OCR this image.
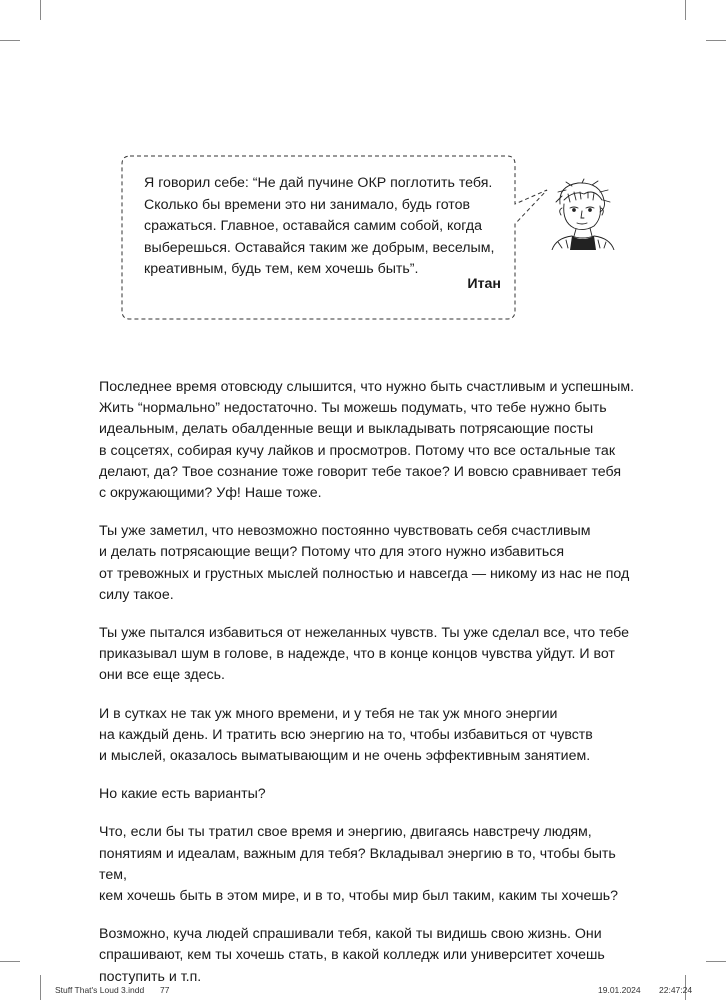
Я говорил себе: “Не дай пучине ОКР поглотить тебя.
Сколько бы времени это ни занимало, будь готов
сражаться. Главное, оставайся самим собой, когда
выберешься. Оставайся таким же добрым, веселым,
креативным, будь тем, кем хочешь быть”.
Итан

Последнее время отовсюду слышится, что нужно быть счастливым и успешным.
Жить “нормально” недостаточно. Ты можешь подумать, что тебе нужно быть
идеальным, делать обалденные вещи и выкладывать потрясающие посты
в соцсетях, собирая кучу лайков и просмотров. Потому что все остальные так
делают, да? Твое сознание тоже говорит тебе такое? И вовсю сравнивает тебя
с окружающими? Уф! Наше тоже.

Ты уже заметил, что невозможно постоянно чувствовать себя счастливым
и делать потрясающие вещи? Потому что для этого нужно избавиться
от тревожных и грустных мыслей полностью и навсегда — никому из нас не под
силу такое.

Ты уже пытался избавиться от нежеланных чувств. Ты уже сделал все, что тебе
приказывал шум в голове, в надежде, что в конце концов чувства уйдут. И вот
они все еще здесь.

И в сутках не так уж много времени, и у тебя не так уж много энергии
на каждый день. И тратить всю энергию на то, чтобы избавиться от чувств
и мыслей, оказалось выматывающим и не очень эффективным занятием.

Но какие есть варианты?

Что, если бы ты тратил свое время и энергию, двигаясь навстречу людям,
понятиям и идеалам, важным для тебя? Вкладывал энергию в то, чтобы быть тем,
кем хочешь быть в этом мире, и в то, чтобы мир был таким, каким ты хочешь?

Возможно, куча людей спрашивали тебя, какой ты видишь свою жизнь. Они
спрашивают, кем ты хочешь стать, в какой колледж или университет хочешь
поступить и т.п.

Stuff That's Loud 3.indd 77	19.01.2024 22:47:24
